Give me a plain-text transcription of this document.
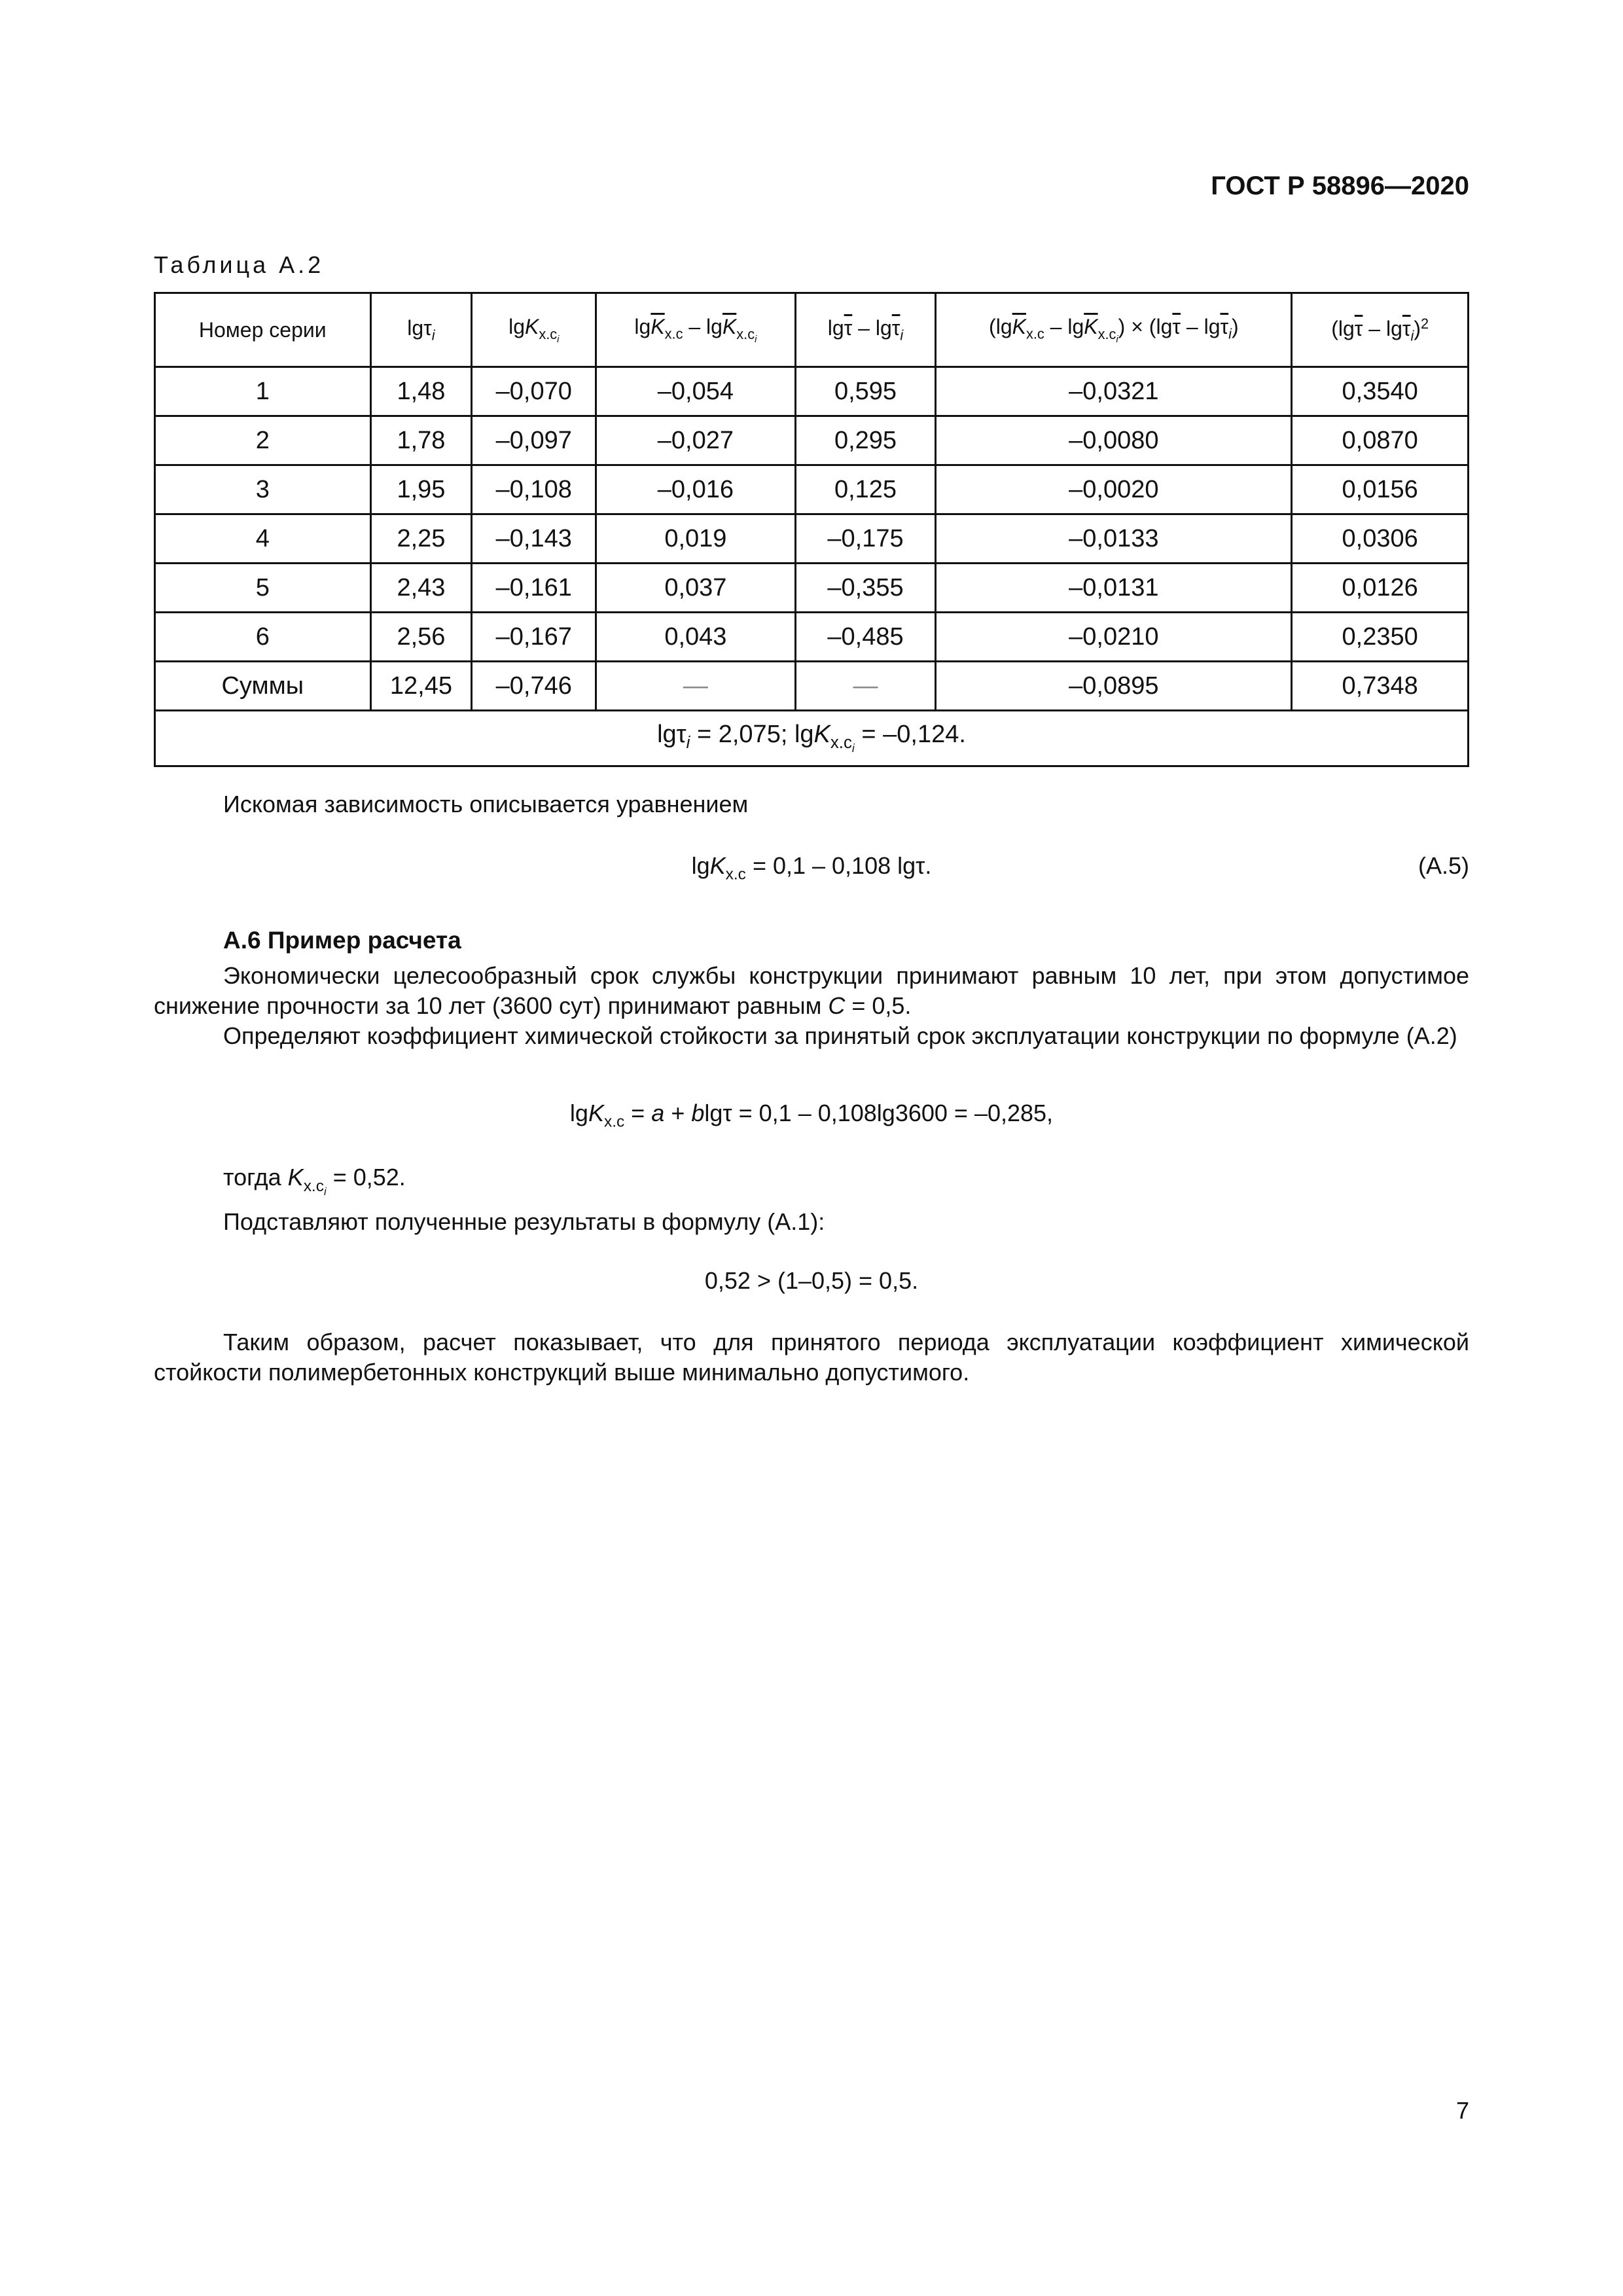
ГОСТ Р 58896—2020
Таблица А.2
Номер серии	lgτ$_i$	lgK$_{x.c_i}$	$\lg\overline{K}_{x.c} - \lg\overline{K}_{x.c_i}$	$\lg\overline{\tau} - \lg\overline{\tau}_i$	$(\lg\overline{K}_{x.c} - \lg\overline{K}_{x.c_i}) \times (\lg\overline{\tau} - \lg\overline{\tau}_i)$	$(\lg\overline{\tau} - \lg\overline{\tau}_i)^2$
1	1,48	–0,070	–0,054	0,595	–0,0321	0,3540
2	1,78	–0,097	–0,027	0,295	–0,0080	0,0870
3	1,95	–0,108	–0,016	0,125	–0,0020	0,0156
4	2,25	–0,143	0,019	–0,175	–0,0133	0,0306
5	2,43	–0,161	0,037	–0,355	–0,0131	0,0126
6	2,56	–0,167	0,043	–0,485	–0,0210	0,2350
Суммы	12,45	–0,746	—	—	–0,0895	0,7348
lgτ$_i$ = 2,075; lgK$_{x.c_i}$ = –0,124.						
Искомая зависимость описывается уравнением
lgK$_{x.c}$ = 0,1 – 0,108 lgτ.	(А.5)
А.6 Пример расчета
Экономически целесообразный срок службы конструкции принимают равным 10 лет, при этом допустимое снижение прочности за 10 лет (3600 сут) принимают равным C = 0,5.
Определяют коэффициент химической стойкости за принятый срок эксплуатации конструкции по формуле (А.2)
lgK$_{x.c}$ = a + blgτ = 0,1 – 0,108lg3600 = –0,285,
тогда $K_{x.c_i} = 0,52$.
Подставляют полученные результаты в формулу (А.1):
0,52 > (1–0,5) = 0,5.
Таким образом, расчет показывает, что для принятого периода эксплуатации коэффициент химической стойкости полимербетонных конструкций выше минимально допустимого.
7
